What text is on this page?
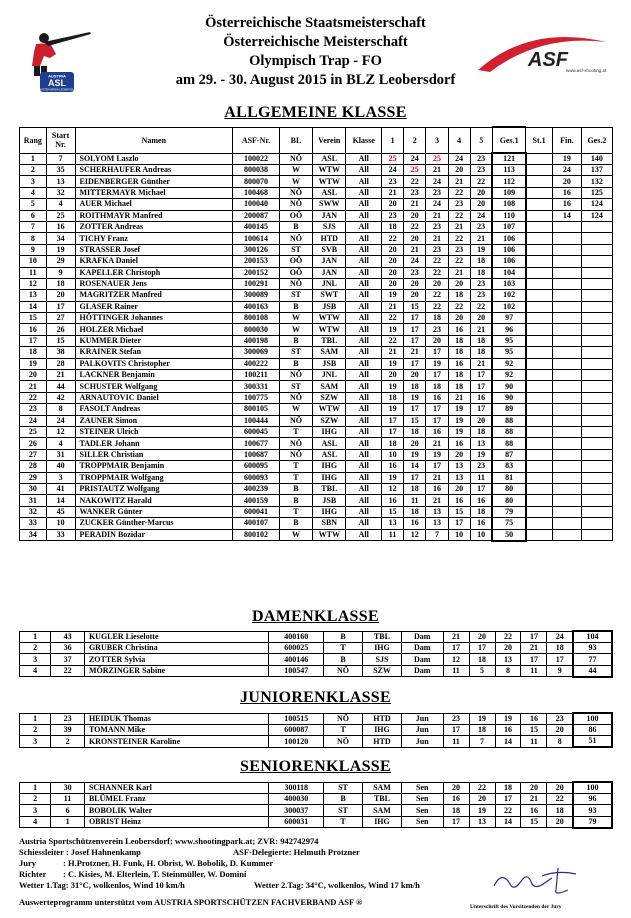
Österreichische Staatsmeisterschaft
Österreichische Meisterschaft
Olympisch Trap - FO
am 29. - 30. August 2015 in BLZ Leobersdorf
AUSTRIA
ASL
SCHÜTZENVEREIN LEOBERSDORF
ASF
www.asf-shooting.at
ALLGEMEINE KLASSE
DAMENKLASSE
JUNIORENKLASSE
SENIORENKLASSE
Rang	Start Nr.	Namen	ASF-Nr.	BL	Verein	Klasse	1	2	3	4	5	Ges.1	St.1	Fin.	Ges.2
1	7	SOLYOM Laszlo	100022	NÖ	ASL	All	25	24	25	24	23	121		19	140
2	35	SCHERHAUFER Andreas	800038	W	WTW	All	24	25	21	20	23	113		24	137
3	13	EIDENBERGER Günther	800070	W	WTW	All	23	22	24	21	22	112		20	132
4	32	MITTERMAYR Michael	100468	NÖ	ASL	All	21	23	23	22	20	109		16	125
5	4	AUER Michael	100040	NÖ	SWW	All	20	21	24	23	20	108		16	124
6	25	ROITHMAYR Manfred	200087	OÖ	JAN	All	23	20	21	22	24	110		14	124
7	16	ZOTTER Andreas	400145	B	SJS	All	18	22	23	21	23	107			
8	34	TICHY Franz	100614	NÖ	HTD	All	22	20	21	22	21	106			
9	19	STRASSER Josef	300126	ST	SVB	All	20	21	23	23	19	106			
10	29	KRAFKA Daniel	200153	OÖ	JAN	All	20	24	22	22	18	106			
11	9	KAPELLER Christoph	200152	OÖ	JAN	All	20	23	22	21	18	104			
12	18	ROSENAUER Jens	100291	NÖ	JNL	All	20	20	20	20	23	103			
13	20	MAGRITZER Manfred	300089	ST	SWT	All	19	20	22	18	23	102			
14	17	GLASER Rainer	400163	B	JSB	All	21	15	22	22	22	102			
15	27	HÖTTINGER Johannes	800108	W	WTW	All	22	17	18	20	20	97			
16	26	HOLZER Michael	800030	W	WTW	All	19	17	23	16	21	96			
17	15	KUMMER Dieter	400198	B	TBL	All	22	17	20	18	18	95			
18	38	KRAINER Stefan	300069	ST	SAM	All	21	21	17	18	18	95			
19	28	PALKOVITS Christopher	400222	B	JSB	All	19	17	19	16	21	92			
20	21	LACKNER Benjamin	100211	NÖ	JNL	All	20	20	17	18	17	92			
21	44	SCHUSTER Wolfgang	300331	ST	SAM	All	19	18	18	18	17	90			
22	42	ARNAUTOVIC Daniel	100775	NÖ	SZW	All	18	19	16	21	16	90			
23	8	FASOLT Andreas	800105	W	WTW	All	19	17	17	19	17	89			
24	24	ZAUNER Simon	100444	NÖ	SZW	All	17	15	17	19	20	88			
25	12	STEINER Ulrich	600045	T	IHG	All	17	18	16	19	18	88			
26	4	TADLER Johann	100677	NÖ	ASL	All	18	20	21	16	13	88			
27	31	SILLER Christian	100687	NÖ	ASL	All	10	19	19	20	19	87			
28	40	TROPPMAIR Benjamin	600095	T	IHG	All	16	14	17	13	23	83			
29	3	TROPPMAIR Wolfgang	600093	T	IHG	All	19	17	21	13	11	81			
30	41	PRISTAUTZ Wolfgang	400239	B	TBL	All	12	18	16	20	17	80			
31	14	NAKOWITZ Harald	400159	B	JSB	All	16	11	21	16	16	80			
32	45	WANKER Günter	600041	T	IHG	All	15	18	13	15	18	79			
33	10	ZUCKER Günther-Marcus	400107	B	SBN	All	13	16	13	17	16	75			
34	33	PERADIN Bozidar	800102	W	WTW	All	11	12	7	10	10	50			
1	43	KUGLER Lieselotte	400160	B	TBL	Dam	21	20	22	17	24	104
2	36	GRUBER Christina	600025	T	IHG	Dam	17	17	20	21	18	93
3	37	ZOTTER Sylvia	400146	B	SJS	Dam	12	18	13	17	17	77
4	22	MÖRZINGER Sabine	100547	NÖ	SZW	Dam	11	5	8	11	9	44
1	23	HEIDUK Thomas	100515	NÖ	HTD	Jun	23	19	19	16	23	100
2	39	TOMANN Mike	600087	T	IHG	Jun	17	18	16	15	20	86
3	2	KRONSTEINER Karoline	100120	NÖ	HTD	Jun	11	7	14	11	8	51
1	30	SCHANNER Karl	300118	ST	SAM	Sen	20	22	18	20	20	100
2	11	BLÜMEL Franz	400030	B	TBL	Sen	16	20	17	21	22	96
3	6	BOBOLIK Walter	300037	ST	SAM	Sen	18	19	22	16	18	93
4	1	OBRIST Heinz	600031	T	IHG	Sen	17	13	14	15	20	79
Austria Sportschützenverein Leobersdorf; www.shootingpark.at; ZVR: 942742974
Schiessleiter : Josef Hahnenkamp	ASF-Delegierte: Helmuth Protzner
Jury	: H.Protzner, H. Funk, H. Obrist, W. Bobolik, D. Kummer
Richter : C. Kisies, M. Elterlein, T. Steinmüller, W. Domini
Wetter 1.Tag: 31°C, wolkenlos, Wind 10 km/h	Wetter 2.Tag: 34°C, wolkenlos, Wind 17 km/h
Auswerteprogramm unterstützt vom AUSTRIA SPORTSCHÜTZEN FACHVERBAND ASF ®	Unterschrift des Vorsitzenden der Jury
